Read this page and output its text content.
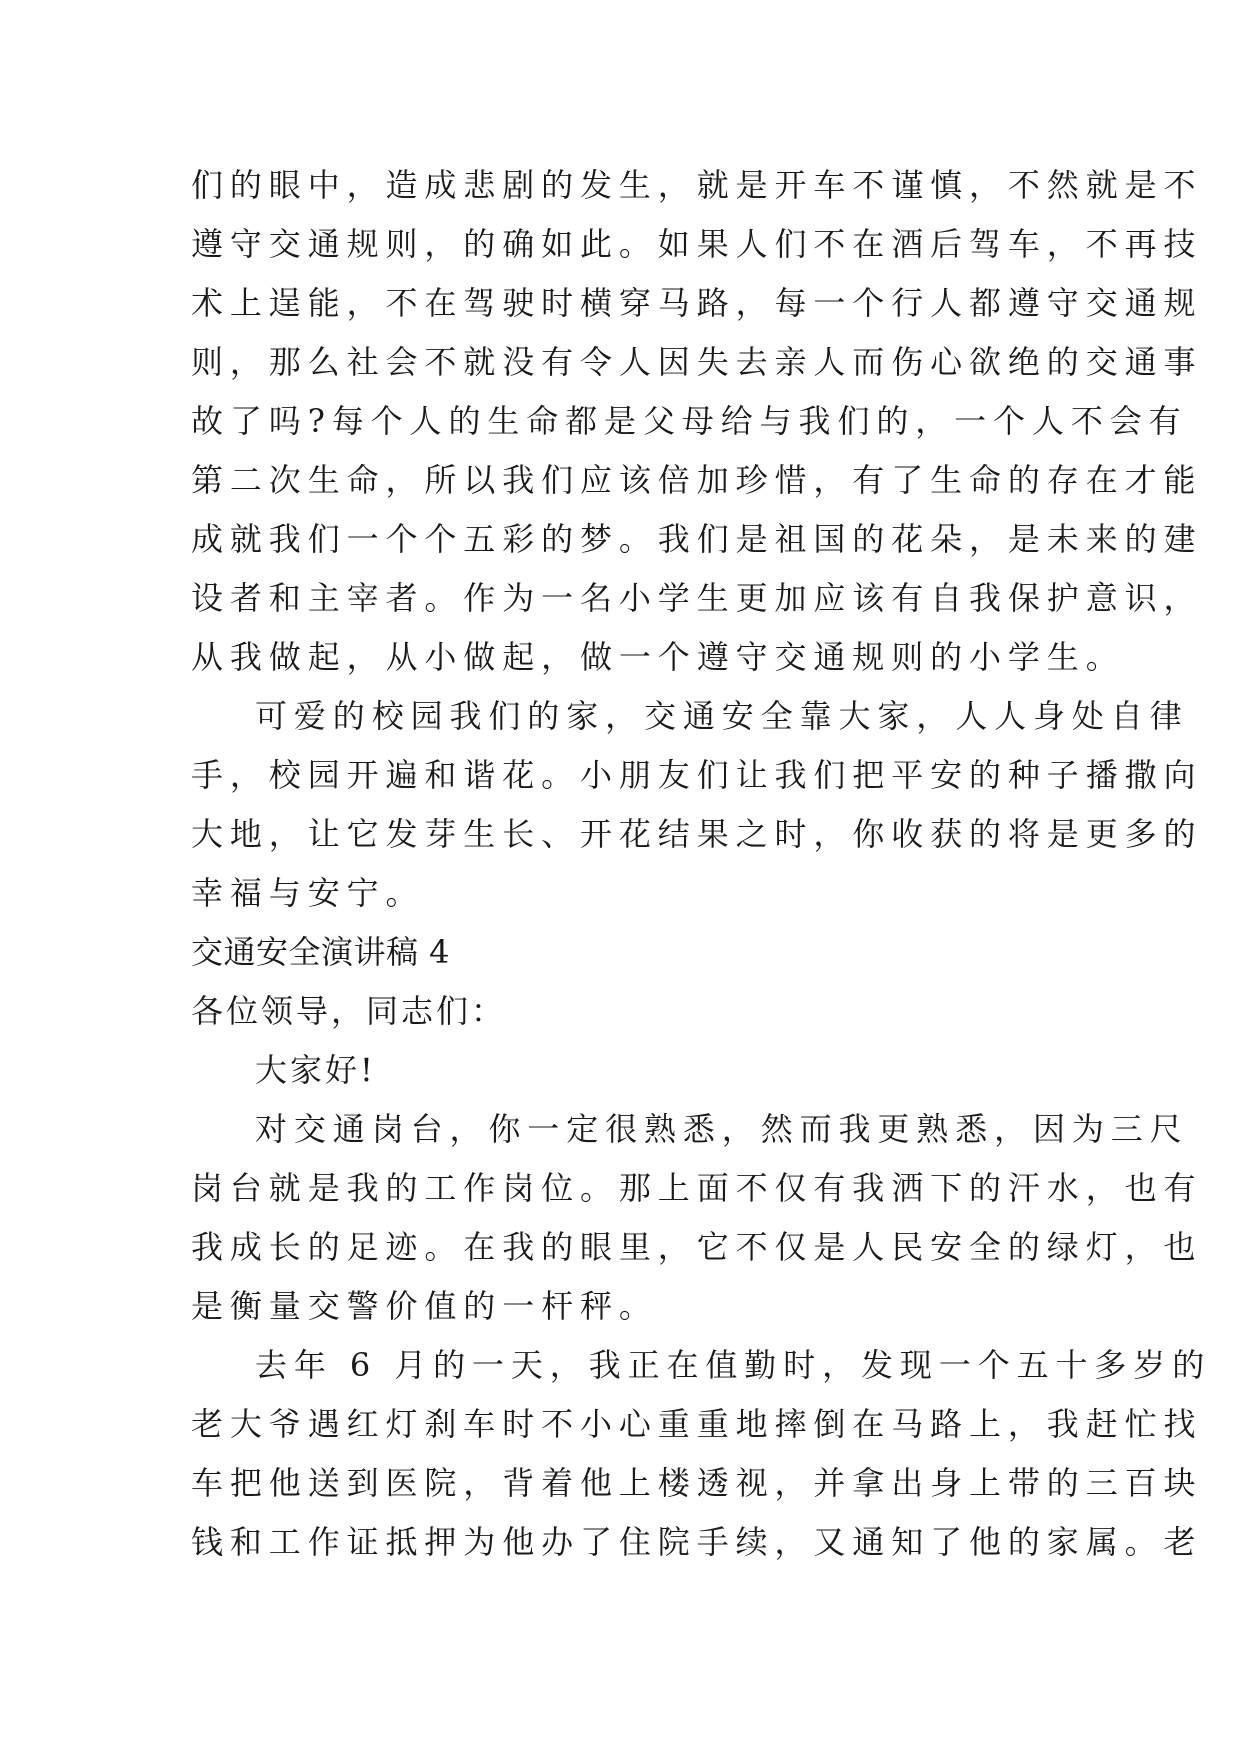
们的眼中，造成悲剧的发生，就是开车不谨慎，不然就是不

遵守交通规则，的确如此。如果人们不在酒后驾车，不再技

术上逞能，不在驾驶时横穿马路，每一个行人都遵守交通规

则，那么社会不就没有令人因失去亲人而伤心欲绝的交通事

故了吗?每个人的生命都是父母给与我们的，一个人不会有

第二次生命，所以我们应该倍加珍惜，有了生命的存在才能

成就我们一个个五彩的梦。我们是祖国的花朵，是未来的建

设者和主宰者。作为一名小学生更加应该有自我保护意识，

从我做起，从小做起，做一个遵守交通规则的小学生。

可爱的校园我们的家，交通安全靠大家，人人身处自律

手，校园开遍和谐花。小朋友们让我们把平安的种子播撒向

大地，让它发芽生长、开花结果之时，你收获的将是更多的

幸福与安宁。

交通安全演讲稿 4

各位领导，同志们：

大家好!

对交通岗台，你一定很熟悉，然而我更熟悉，因为三尺

岗台就是我的工作岗位。那上面不仅有我洒下的汗水，也有

我成长的足迹。在我的眼里，它不仅是人民安全的绿灯，也

是衡量交警价值的一杆秤。

去年 6 月的一天，我正在值勤时，发现一个五十多岁的

老大爷遇红灯刹车时不小心重重地摔倒在马路上，我赶忙找

车把他送到医院，背着他上楼透视，并拿出身上带的三百块

钱和工作证抵押为他办了住院手续，又通知了他的家属。老
